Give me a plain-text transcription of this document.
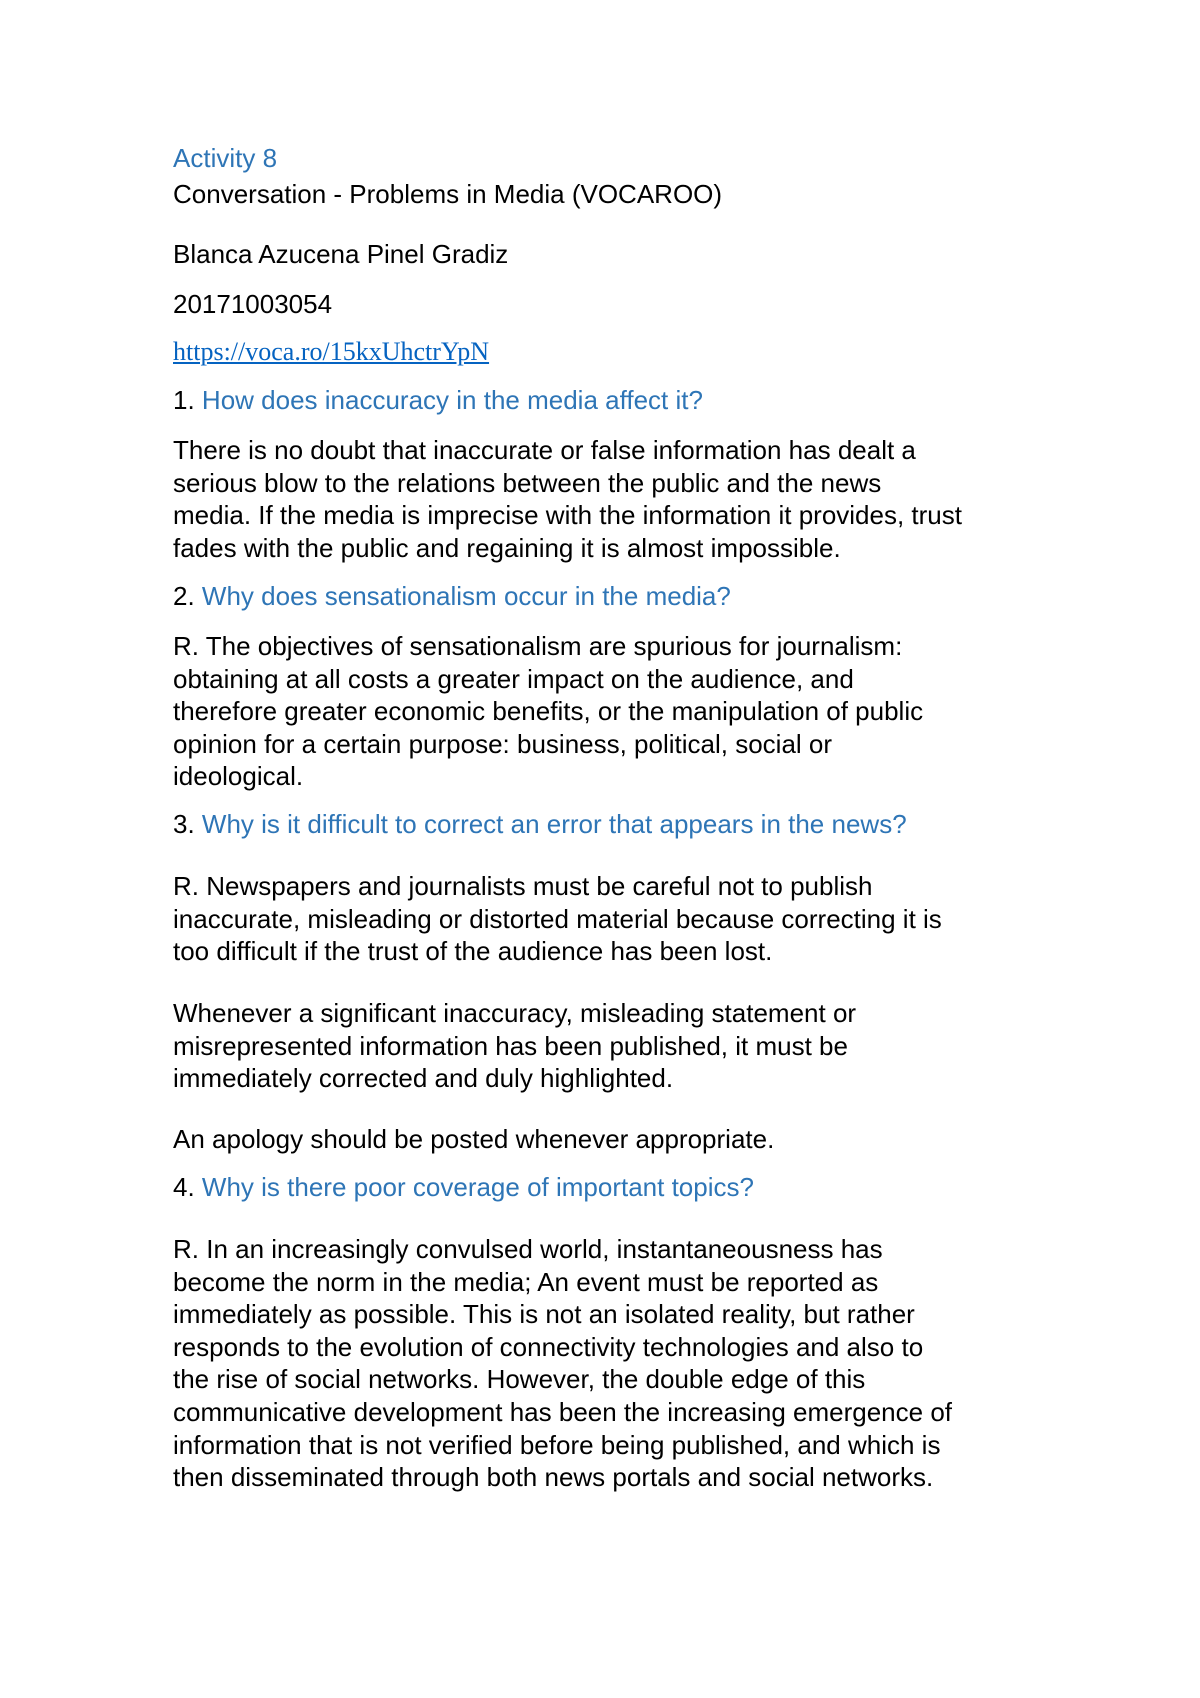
Activity 8
Conversation - Problems in Media (VOCAROO)
Blanca Azucena Pinel Gradiz
20171003054
https://voca.ro/15kxUhctrYpN
1. How does inaccuracy in the media affect it?
There is no doubt that inaccurate or false information has dealt a
serious blow to the relations between the public and the news
media. If the media is imprecise with the information it provides, trust
fades with the public and regaining it is almost impossible.
2. Why does sensationalism occur in the media?
R. The objectives of sensationalism are spurious for journalism:
obtaining at all costs a greater impact on the audience, and
therefore greater economic benefits, or the manipulation of public
opinion for a certain purpose: business, political, social or
ideological.
3. Why is it difficult to correct an error that appears in the news?
R. Newspapers and journalists must be careful not to publish
inaccurate, misleading or distorted material because correcting it is
too difficult if the trust of the audience has been lost.
Whenever a significant inaccuracy, misleading statement or
misrepresented information has been published, it must be
immediately corrected and duly highlighted.
An apology should be posted whenever appropriate.
4. Why is there poor coverage of important topics?
R. In an increasingly convulsed world, instantaneousness has
become the norm in the media; An event must be reported as
immediately as possible. This is not an isolated reality, but rather
responds to the evolution of connectivity technologies and also to
the rise of social networks. However, the double edge of this
communicative development has been the increasing emergence of
information that is not verified before being published, and which is
then disseminated through both news portals and social networks.
